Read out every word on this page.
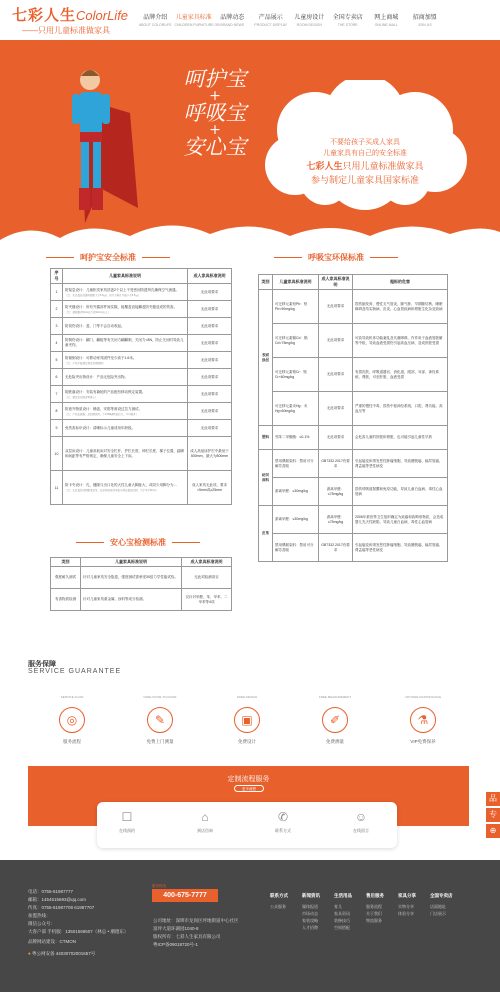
七彩人生ColorLife
——只用儿童标准做家具
品牌介绍
ABOUT COLORLIFE
儿童家具标准
CHILDREN FURNITURE GB
品牌动态
BRAND NEWS
产品展示
PRODUCT DISPLAY
儿童房设计
ROOM DESIGN
全国专卖店
THE STORE
网上商城
ONLINE MALL
招商加盟
JOIN US
呵护宝
+
呼吸宝
+
安心宝	不要给孩子买成人家具
儿童家具有自己的安全标准
七彩人生只用儿童标准做家具
参与制定儿童家具国家标准
呵护宝安全标准
序号	儿童家具标准说明	成人家具标准说明
1	防窒息设计：儿童柜类家具顶盖2个以上不受密闭防透风孔确保空气流通。
（注：孔径直径或通风面积大于6.5㎝²，如为方形孔不能小于6.5㎝）	无此项要求
2	防夹缝设计：所有外露部件间实隙，能覆盖直接翻盖防夹缝造成的伤害。
（注：规格要求5mm以下或12mm以上）	无此项要求
3	防误伤设计：盖、门等不会自动收起。	无此项要求
4	防倒伤设计：翻门、翻板等有关闭力翻翻制，关闭力<8N，防止关闭时导致儿童夹伤。	无此项要求
5	防倾倒设计：可移动家具固件至少高于1.6米。
（注：产品不能超过规定高度限制）	无此项要求
6	无危险突出物设计：产品无危险突出物。	无此项要求
7	防跌落设计：安装有撬轮的产品配有移动锁定装置。
（注：要定位在固定物体上）	无此项要求
8	防意外物质设计：桶盖、安排等被设过拉力测试。
（注：产品在做推、拉的测试时，下0.95kgf物品拉力，不可被开）	无此项要求
9	免伤害标识设计：清晰标示儿童适用年龄段。	无此项要求
10	双层床设计：儿童高低床对安全栏杆、护栏长度、伸栏长度、梯子位置、踏脚和间距等有严格规定，确保儿童安全上下床。	成人高低床护栏中最低于500mm，最大为800mm
11	防卡夹设计：孔、缝隙与出口处的大性儿童大脚趾大，或同少用脚分为…
（注：孔处直径或间距适宜等，在拉伸适宜或可能与伸出直径区间，大于等于8mm）	成人家具无此项，要求<5mm或≥25mm
呼吸宝环保标准
类别	儿童家具标准说明	成人家具标准说明	超标的危害
表面涂层	可迁移元素铅Pb：铅Pb<90mg/kg	无此项要求	损伤脑发育、慢性支气管炎、肺气肿、早期肺结核、睡眠障碍及结实肠病、皮炎、心血管疾病和肾脏生化杂变致病
	可迁移元素镉Cd：镉Cd<75mg/kg	无此项要求	可致导致机体功能紊乱及代谢障碍，作作用于血液管脏腑等中枢，导致血液受损伤引起高血压病、造成肝脏受损
	可迁移元素铬Cr：铬Cr<60mg/kg	无此项要求	有损皮肤、呼吸道器官、消化道、眼部、耳部、神经系统、肾脏，可至肝脏、血液受损
	可迁移元素汞Hg：汞Hg<60mg/kg	无此项要求	严重的慢性中毒，损伤中枢神经系统、口腔、肾功能、高血压等
塑料	邻苯二甲酸酯：≤0.1%	无此项要求	会危害儿童的肝脏和肾脏，也可能引起儿童性早熟
纺织面料	禁用偶氮染料：禁用可分解芳香胺	GB7332.2017有要求	引起癌变和诱发恶性肿瘤细胞、导致膀胱癌、输尿管癌、肾盂癌等恶性病变
	游离甲醛：≤30mg/kg	游离甲醛：≤75mg/kg	损伤呼吸道黏膜和免疫功能，导致儿童白血病、毒性心血管病
皮革	游离甲醛：≤30mg/kg	游离甲醛：≤75mg/kg	2006年被世界卫生组织确定为致癌和致畸形物质，会造成婴儿先天性缺陷，导致儿童白血病、毒性心血管病
	禁用偶氮染料：禁用可分解芳香胺	GB7332.2017有要求	引起癌变和诱发恶性肿瘤细胞、导致膀胱癌、输尿管癌、肾盂癌等恶性病变
安心宝检测标准
类别	儿童家具标准说明	成人家具标准说明
强度耐久测试	针对儿童家具安全隐患，强度测试需承受30倍力学性能试验。	无此项检测项目
有害物质检测	针对儿童家具重金属、涂料等成分检测。	仅针对甲醛、苯、甲苯、二甲苯等4项
服务保障
SERVICE GUARANTEE
SERVICE FLOW
◎
服务流程
FREE DOOR-TO-DOOR
✎
免费上门测量
FREE DESIGN
▣
免费设计
FREE MEASUREMENT
✐
免费测量
VIP FREE MAINTENANCE
⚗
VIP免费保养
定制流程服务
更多流程
☐
在线预约
⌂
到店咨询
✆
联系方式
☺
在线留言
电话：0755-61987777
邮箱：1454515693@qq.com
传真：0755-61987709 61987707
加盟热线：
微信公众号：
大客户部 手机服：13501569507（林总 • 潮德东）
品牌网站建设：CTMON
● 粤公网安备 44030702001657号
公司地址：深圳市龙岗区坪地街道中心社区
富坪大道环湖园1040-8
版权所有：七彩人生家具有限公司
粤ICP备09018720号-1
服务热线
400-675-7777	联系方式
公众服务
新闻资讯
媒体报道
市场动态
家装攻略
人才招聘
生活用品
育儿
家具资讯
装修技巧
空间搭配
售后服务
服务流程
关于我们
物流服务
家具分享
实物分享
体验分享
全国专卖店
店面地址
门店展示
品
专
⊕
